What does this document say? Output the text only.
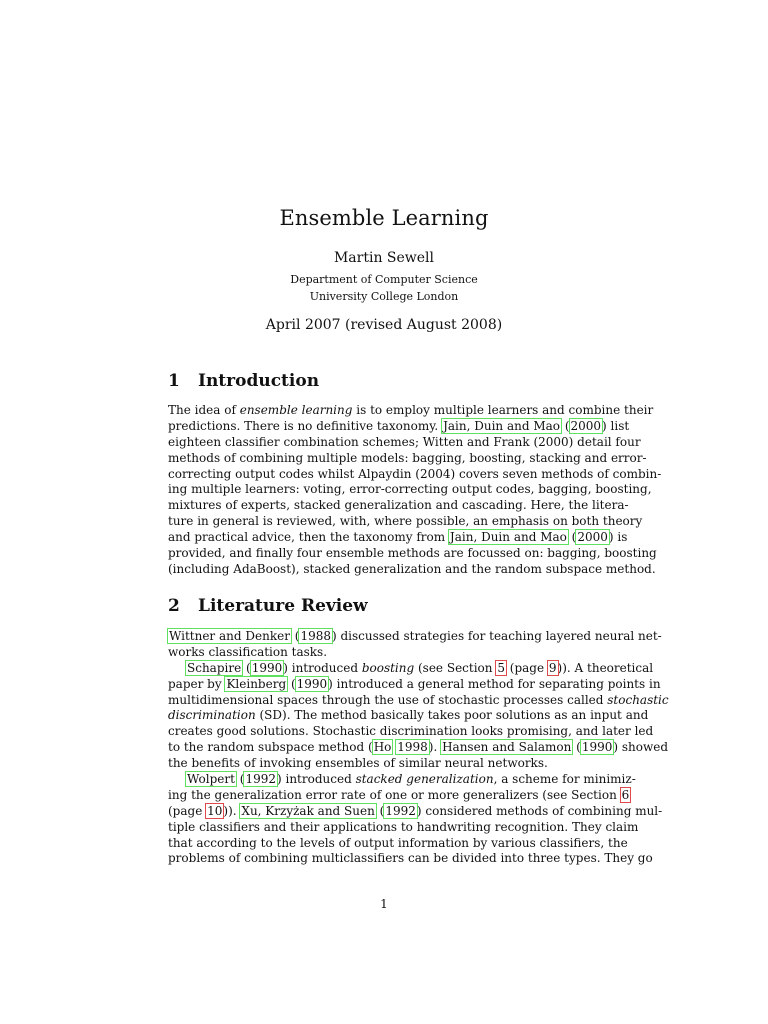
Ensemble Learning
Martin Sewell
Department of Computer Science
University College London
April 2007 (revised August 2008)
1 Introduction
The idea of ensemble learning is to employ multiple learners and combine their
predictions. There is no definitive taxonomy. Jain, Duin and Mao (2000) list
eighteen classifier combination schemes; Witten and Frank (2000) detail four
methods of combining multiple models: bagging, boosting, stacking and error-
correcting output codes whilst Alpaydin (2004) covers seven methods of combin-
ing multiple learners: voting, error-correcting output codes, bagging, boosting,
mixtures of experts, stacked generalization and cascading. Here, the litera-
ture in general is reviewed, with, where possible, an emphasis on both theory
and practical advice, then the taxonomy from Jain, Duin and Mao (2000) is
provided, and finally four ensemble methods are focussed on: bagging, boosting
(including AdaBoost), stacked generalization and the random subspace method.
2 Literature Review
Wittner and Denker (1988) discussed strategies for teaching layered neural net-
works classification tasks.
Schapire (1990) introduced boosting (see Section 5 (page 9)). A theoretical
paper by Kleinberg (1990) introduced a general method for separating points in
multidimensional spaces through the use of stochastic processes called stochastic
discrimination (SD). The method basically takes poor solutions as an input and
creates good solutions. Stochastic discrimination looks promising, and later led
to the random subspace method (Ho 1998). Hansen and Salamon (1990) showed
the benefits of invoking ensembles of similar neural networks.
Wolpert (1992) introduced stacked generalization, a scheme for minimiz-
ing the generalization error rate of one or more generalizers (see Section 6
(page 10)). Xu, Krzyżak and Suen (1992) considered methods of combining mul-
tiple classifiers and their applications to handwriting recognition. They claim
that according to the levels of output information by various classifiers, the
problems of combining multiclassifiers can be divided into three types. They go
1
